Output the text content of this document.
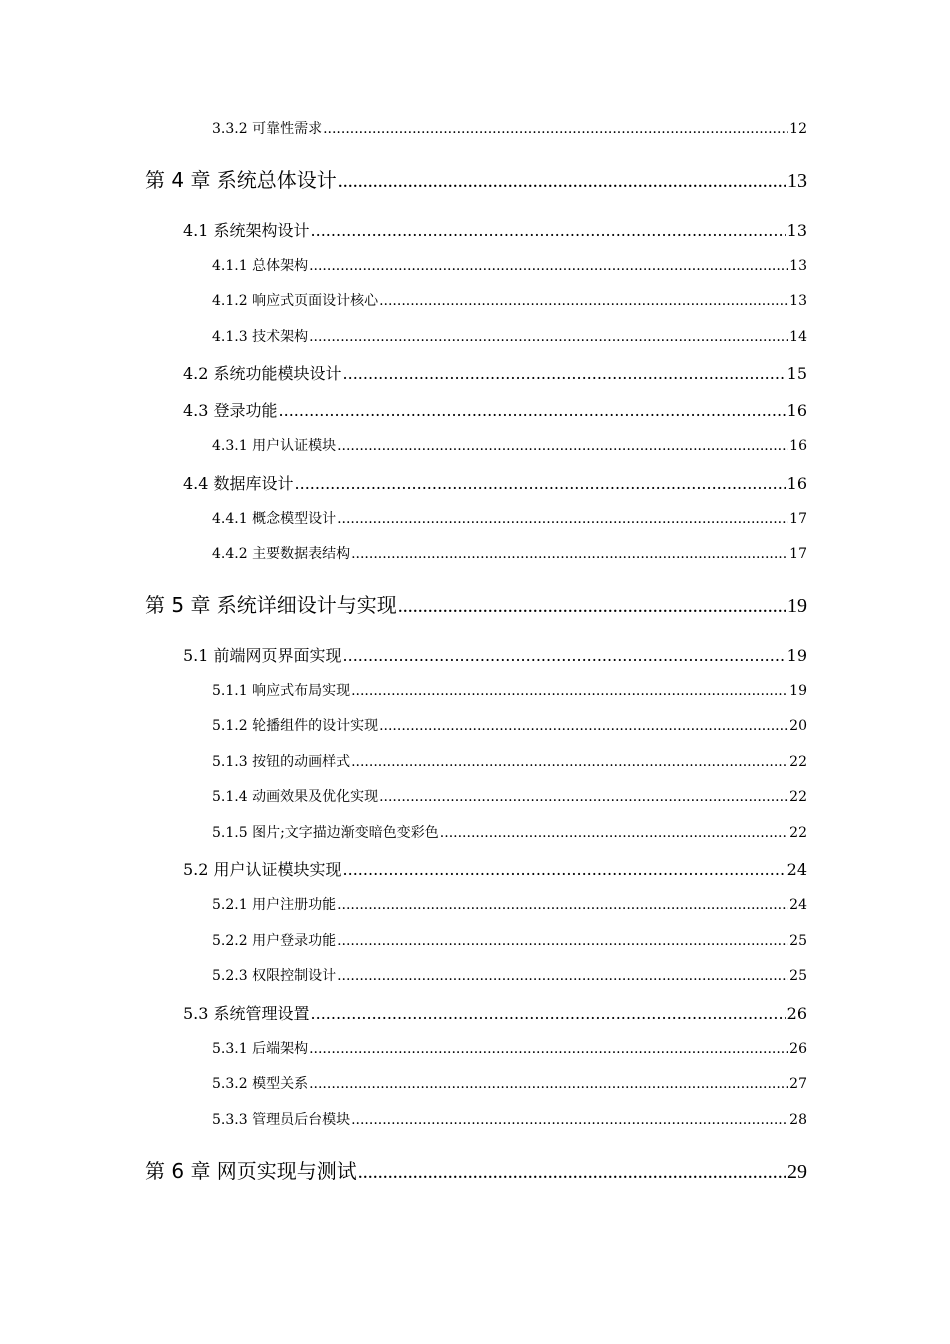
3.3.2 可靠性需求 .....	12
第 4 章 系统总体设计 .....	13
4.1 系统架构设计 .....	13
4.1.1 总体架构 .....	13
4.1.2 响应式页面设计核心 .....	13
4.1.3 技术架构 .....	14
4.2 系统功能模块设计 .....	15
4.3 登录功能 .....	16
4.3.1 用户认证模块 .....	16
4.4 数据库设计 .....	16
4.4.1 概念模型设计 .....	17
4.4.2 主要数据表结构 .....	17
第 5 章 系统详细设计与实现 .....	19
5.1 前端网页界面实现 .....	19
5.1.1 响应式布局实现 .....	19
5.1.2 轮播组件的设计实现 .....	20
5.1.3 按钮的动画样式 .....	22
5.1.4 动画效果及优化实现 .....	22
5.1.5 图片;文字描边渐变暗色变彩色 .....	22
5.2 用户认证模块实现 .....	24
5.2.1 用户注册功能 .....	24
5.2.2 用户登录功能 .....	25
5.2.3 权限控制设计 .....	25
5.3 系统管理设置 .....	26
5.3.1 后端架构 .....	26
5.3.2 模型关系 .....	27
5.3.3 管理员后台模块 .....	28
第 6 章 网页实现与测试 .....	29
